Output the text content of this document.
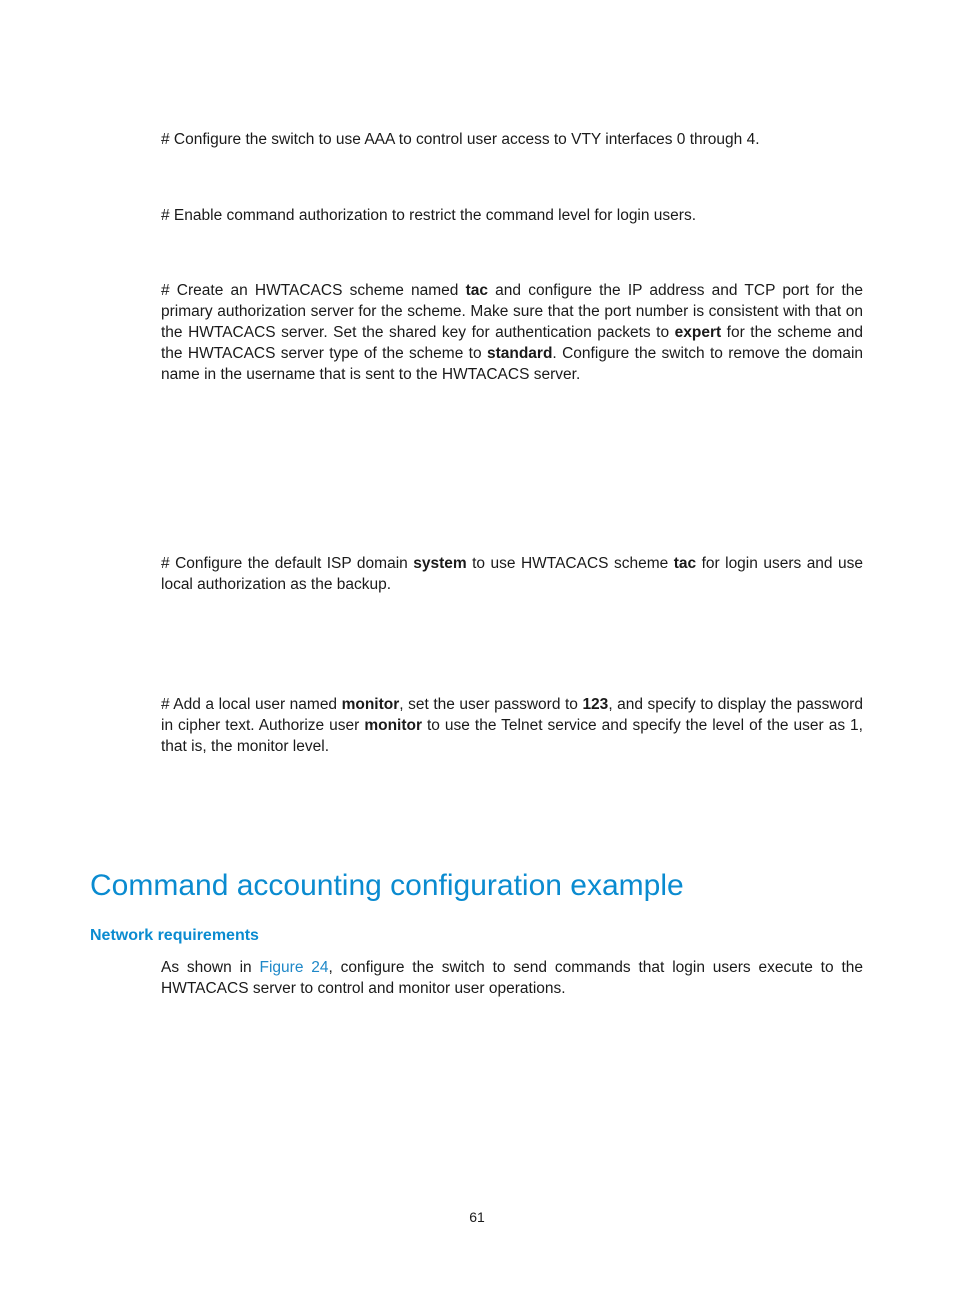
# Configure the switch to use AAA to control user access to VTY interfaces 0 through 4.

# Enable command authorization to restrict the command level for login users.

# Create an HWTACACS scheme named tac and configure the IP address and TCP port for the primary authorization server for the scheme. Make sure that the port number is consistent with that on the HWTACACS server. Set the shared key for authentication packets to expert for the scheme and the HWTACACS server type of the scheme to standard. Configure the switch to remove the domain name in the username that is sent to the HWTACACS server.

# Configure the default ISP domain system to use HWTACACS scheme tac for login users and use local authorization as the backup.

# Add a local user named monitor, set the user password to 123, and specify to display the password in cipher text. Authorize user monitor to use the Telnet service and specify the level of the user as 1, that is, the monitor level.

Command accounting configuration example
Network requirements

As shown in Figure 24, configure the switch to send commands that login users execute to the HWTACACS server to control and monitor user operations.

61
